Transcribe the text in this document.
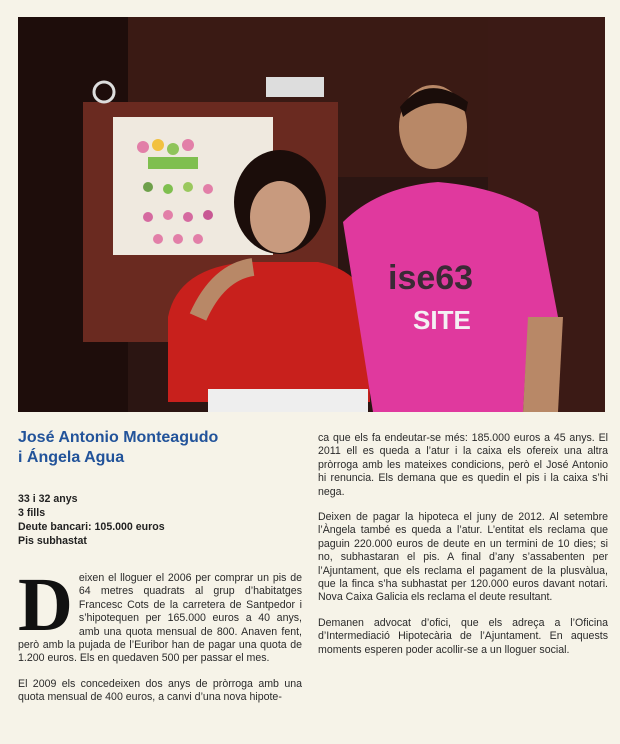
ise63
SITE
José Antonio Monteagudo
i Ángela Agua
33 i 32 anys
3 fills
Deute bancari: 105.000 euros
Pis subhastat

Deixen el lloguer el 2006 per comprar un pis de 64 metres quadrats al grup d’habitatges Francesc Cots de la carretera de Santpedor i s’hipotequen per 165.000 euros a 40 anys, amb una quota mensual de 800. Anaven fent, però amb la pujada de l’Euribor han de pagar una quota de 1.200 euros. Els en quedaven 500 per passar el mes.

El 2009 els concedeixen dos anys de pròrroga amb una quota mensual de 400 euros, a canvi d’una nova hipote-

ca que els fa endeutar-se més: 185.000 euros a 45 anys. El 2011 ell es queda a l’atur i la caixa els ofereix una altra pròrroga amb les mateixes condicions, però el José Antonio hi renuncia. Els demana que es quedin el pis i la caixa s’hi nega.

Deixen de pagar la hipoteca el juny de 2012. Al setembre l’Àngela també es queda a l’atur. L’entitat els reclama que paguin 220.000 euros de deute en un termini de 10 dies; si no, subhastaran el pis. A final d’any s’assabenten per l’Ajuntament, que els reclama el pagament de la plusvàlua, que la finca s’ha subhastat per 120.000 euros davant notari. Nova Caixa Galicia els reclama el deute resultant.

Demanen advocat d’ofici, que els adreça a l’Oficina d’Intermediació Hipotecària de l’Ajuntament. En aquests moments esperen poder acollir-se a un lloguer social.
